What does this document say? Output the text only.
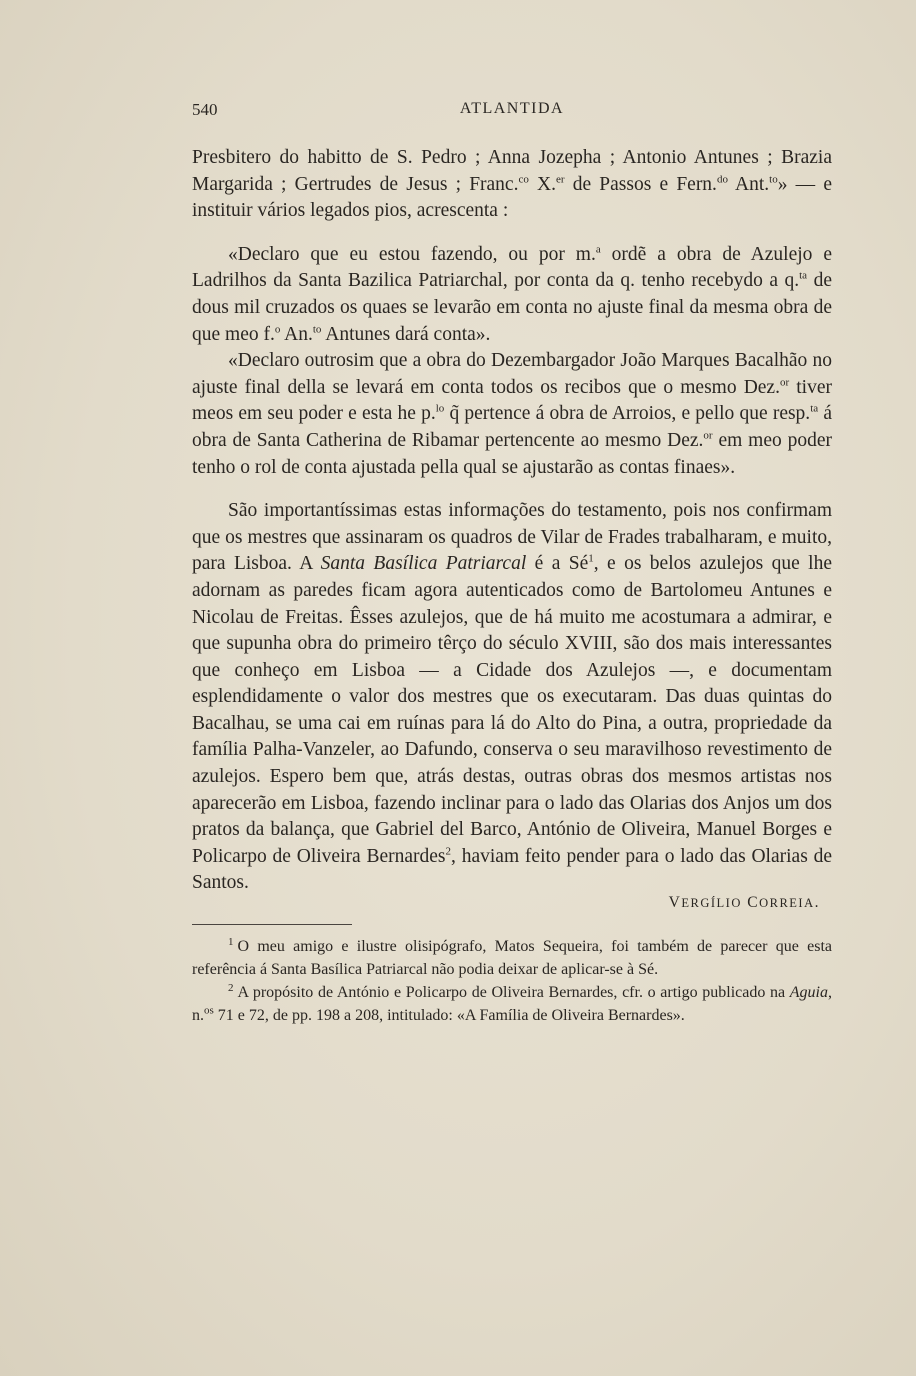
540	ATLANTIDA

Presbitero do habitto de S. Pedro ; Anna Jozepha ; Antonio Antunes ; Brazia Margarida ; Gertrudes de Jesus ; Franc.$^{co}$ X.$^{er}$ de Passos e Fern.$^{do}$ Ant.$^{to}$» — e instituir vários legados pios, acrescenta :

«Declaro que eu estou fazendo, ou por m.$^a$ ordẽ a obra de Azulejo e Ladrilhos da Santa Bazilica Patriarchal, por conta da q. tenho recebydo a q.$^{ta}$ de dous mil cruzados os quaes se levarão em conta no ajuste final da mesma obra de que meo f.$^o$ An.$^{to}$ Antunes dará conta».

«Declaro outrosim que a obra do Dezembargador João Marques Bacalhão no ajuste final della se levará em conta todos os recibos que o mesmo Dez.$^{or}$ tiver meos em seu poder e esta he p.$^{lo}$ q̃ pertence á obra de Arroios, e pello que resp.$^{ta}$ á obra de Santa Catherina de Ribamar pertencente ao mesmo Dez.$^{or}$ em meo poder tenho o rol de conta ajustada pella qual se ajustarão as contas finaes».

São importantíssimas estas informações do testamento, pois nos confirmam que os mestres que assinaram os quadros de Vilar de Frades trabalharam, e muito, para Lisboa. A Santa Basílica Patriarcal é a $Sé^1$, e os belos azulejos que lhe adornam as paredes ficam agora autenticados como de Bartolomeu Antunes e Nicolau de Freitas. Êsses azulejos, que de há muito me acostumara a admirar, e que supunha obra do primeiro têrço do século XVIII, são dos mais interessantes que conheço em Lisboa — a Cidade dos Azulejos —, e documentam esplendidamente o valor dos mestres que os executaram. Das duas quintas do Bacalhau, se uma cai em ruínas para lá do Alto do Pina, a outra, propriedade da família Palha-Vanzeler, ao Dafundo, conserva o seu maravilhoso revestimento de azulejos. Espero bem que, atrás destas, outras obras dos mesmos artistas nos aparecerão em Lisboa, fazendo inclinar para o lado das Olarias dos Anjos um dos pratos da balança, que Gabriel del Barco, António de Oliveira, Manuel Borges e Policarpo de Oliveira Bernardes$^2$, haviam feito pender para o lado das Olarias de Santos.

VERGÍLIO CORREIA.

$^1$ O meu amigo e ilustre olisipógrafo, Matos Sequeira, foi também de parecer que esta referência á Santa Basílica Patriarcal não podia deixar de aplicar-se à Sé.

$^2$ A propósito de António e Policarpo de Oliveira Bernardes, cfr. o artigo publicado na Aguia, n.$^{os}$ 71 e 72, de pp. 198 a 208, intitulado: «A Família de Oliveira Bernardes».
